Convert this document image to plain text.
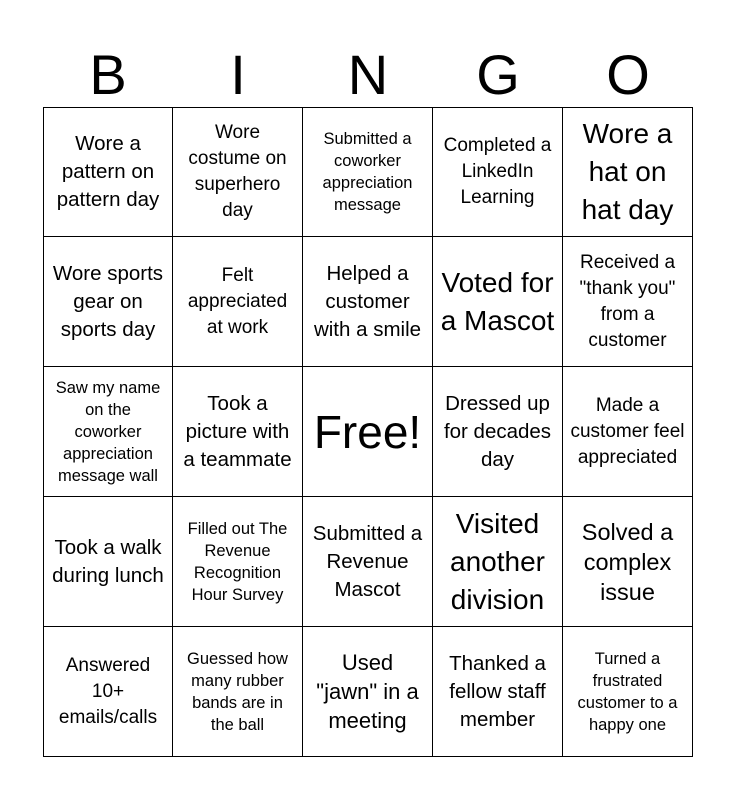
B	I	N	G	O
Wore a pattern on pattern day
Wore costume on superhero day
Submitted a coworker appreciation message
Completed a LinkedIn Learning
Wore a hat on hat day
Wore sports gear on sports day
Felt appreciated at work
Helped a customer with a smile
Voted for a Mascot
Received a "thank you" from a customer
Saw my name on the coworker appreciation message wall
Took a picture with a teammate
Free!
Dressed up for decades day
Made a customer feel appreciated
Took a walk during lunch
Filled out The Revenue Recognition Hour Survey
Submitted a Revenue Mascot
Visited another division
Solved a complex issue
Answered 10+ emails/calls
Guessed how many rubber bands are in the ball
Used "jawn" in a meeting
Thanked a fellow staff member
Turned a frustrated customer to a happy one
